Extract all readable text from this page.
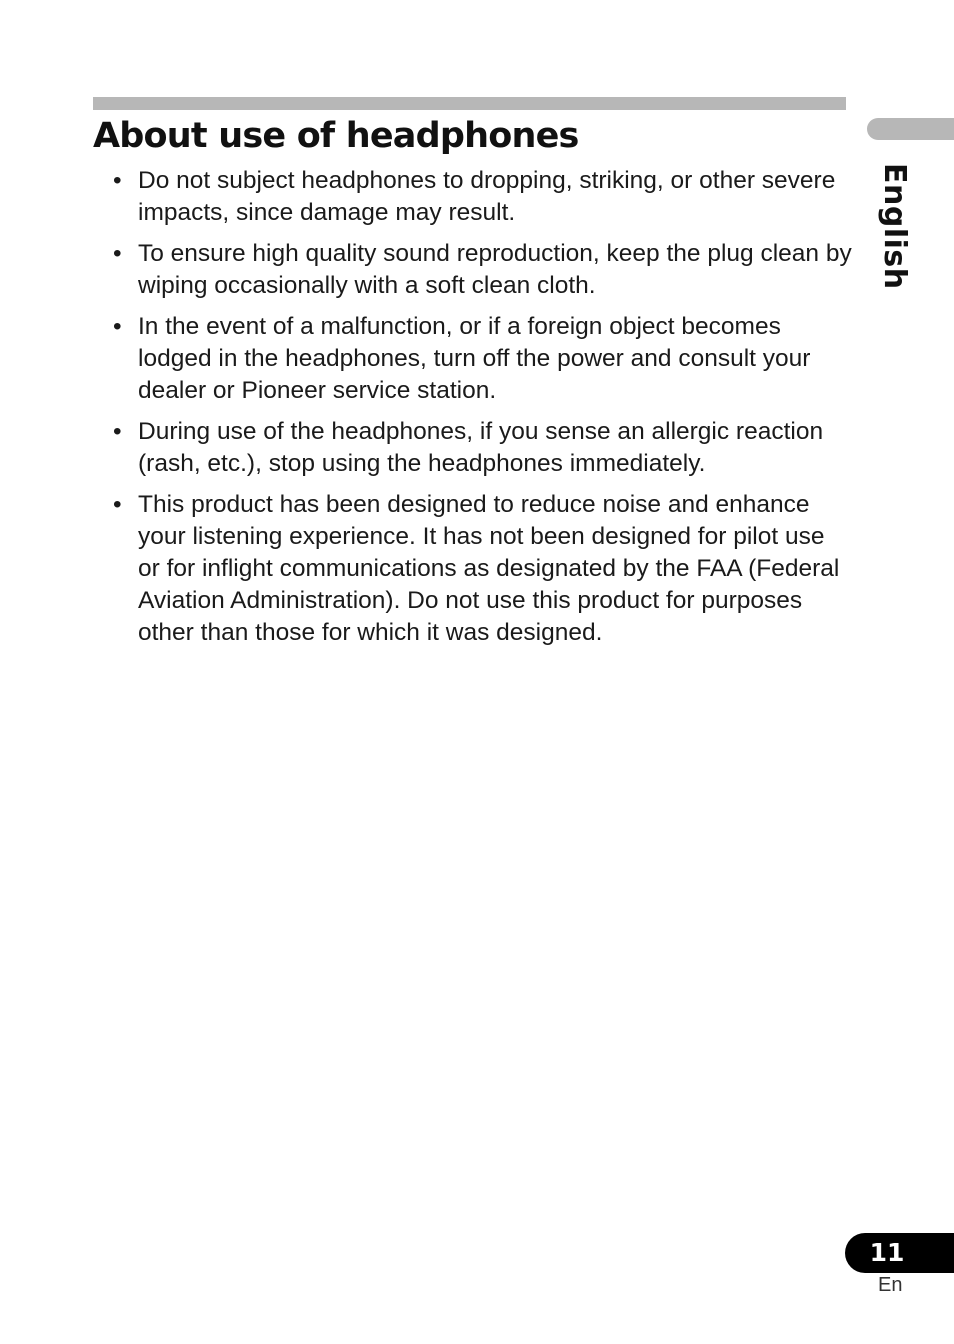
About use of headphones
• Do not subject headphones to dropping, striking, or other severe impacts, since damage may result.
• To ensure high quality sound reproduction, keep the plug clean by wiping occasionally with a soft clean cloth.
• In the event of a malfunction, or if a foreign object becomes lodged in the headphones, turn off the power and consult your dealer or Pioneer service station.
• During use of the headphones, if you sense an allergic reaction (rash, etc.), stop using the headphones immediately.
• This product has been designed to reduce noise and enhance your listening experience. It has not been designed for pilot use or for inflight communications as designated by the FAA (Federal Aviation Administration). Do not use this product for purposes other than those for which it was designed.
English
11
En
